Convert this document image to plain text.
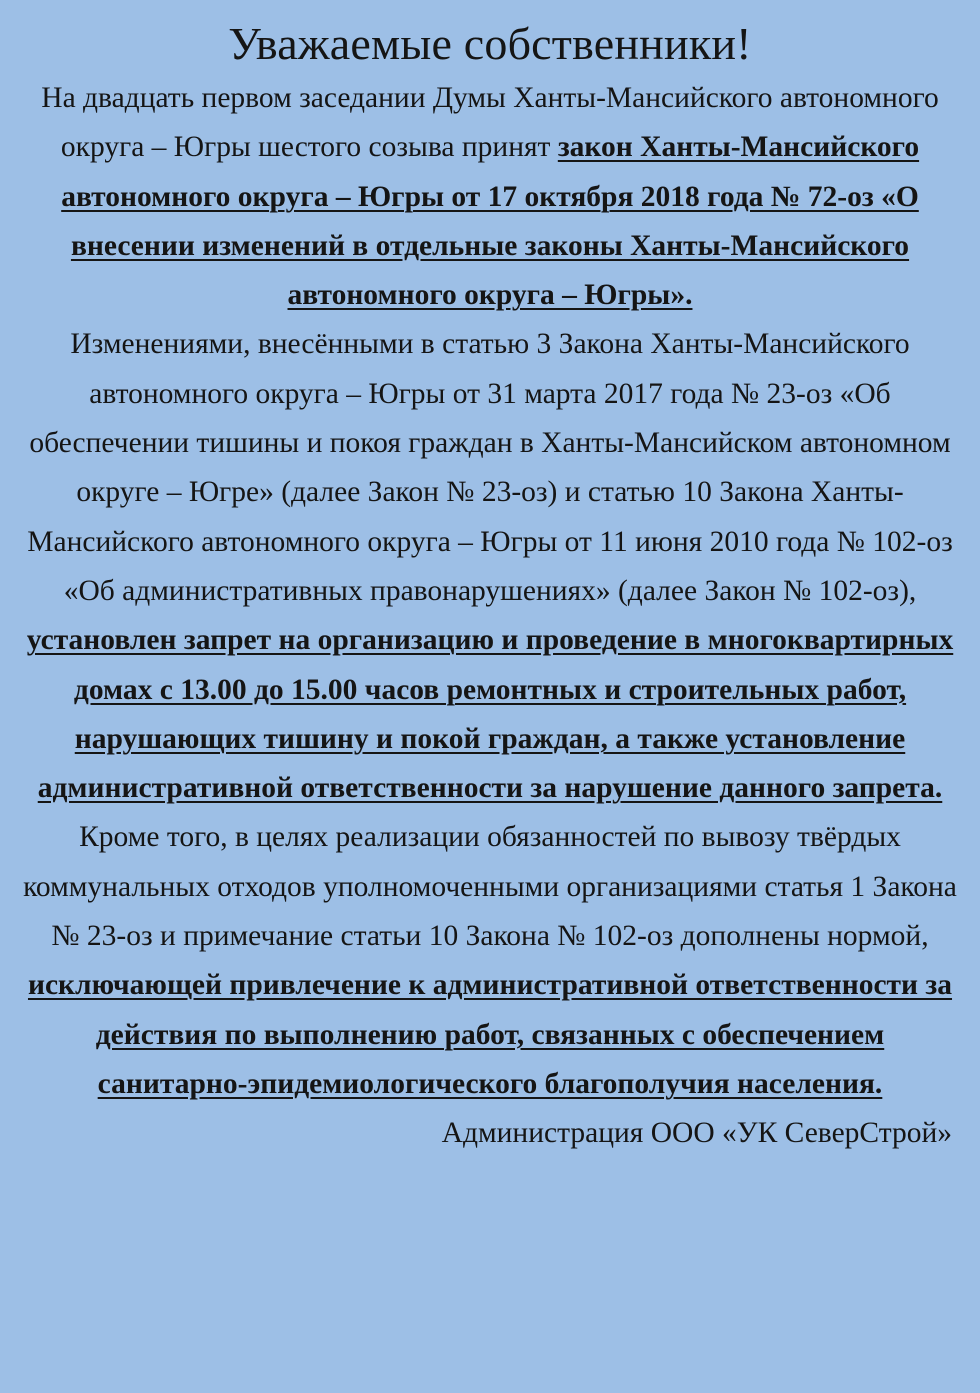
Уважаемые собственники!

На двадцать первом заседании Думы Ханты-Мансийского автономного округа – Югры шестого созыва принят закон Ханты-Мансийского автономного округа – Югры от 17 октября 2018 года № 72-оз «О внесении изменений в отдельные законы Ханты-Мансийского автономного округа – Югры».

Изменениями, внесёнными в статью 3 Закона Ханты-Мансийского автономного округа – Югры от 31 марта 2017 года № 23-оз «Об обеспечении тишины и покоя граждан в Ханты-Мансийском автономном округе – Югре» (далее Закон № 23-оз) и статью 10 Закона Ханты-Мансийского автономного округа – Югры от 11 июня 2010 года № 102-оз «Об административных правонарушениях» (далее Закон № 102-оз), установлен запрет на организацию и проведение в многоквартирных домах с 13.00 до 15.00 часов ремонтных и строительных работ, нарушающих тишину и покой граждан, а также установление административной ответственности за нарушение данного запрета.

Кроме того, в целях реализации обязанностей по вывозу твёрдых коммунальных отходов уполномоченными организациями статья 1 Закона № 23-оз и примечание статьи 10 Закона № 102-оз дополнены нормой, исключающей привлечение к административной ответственности за действия по выполнению работ, связанных с обеспечением санитарно-эпидемиологического благополучия населения.

Администрация ООО «УК СеверСтрой»
